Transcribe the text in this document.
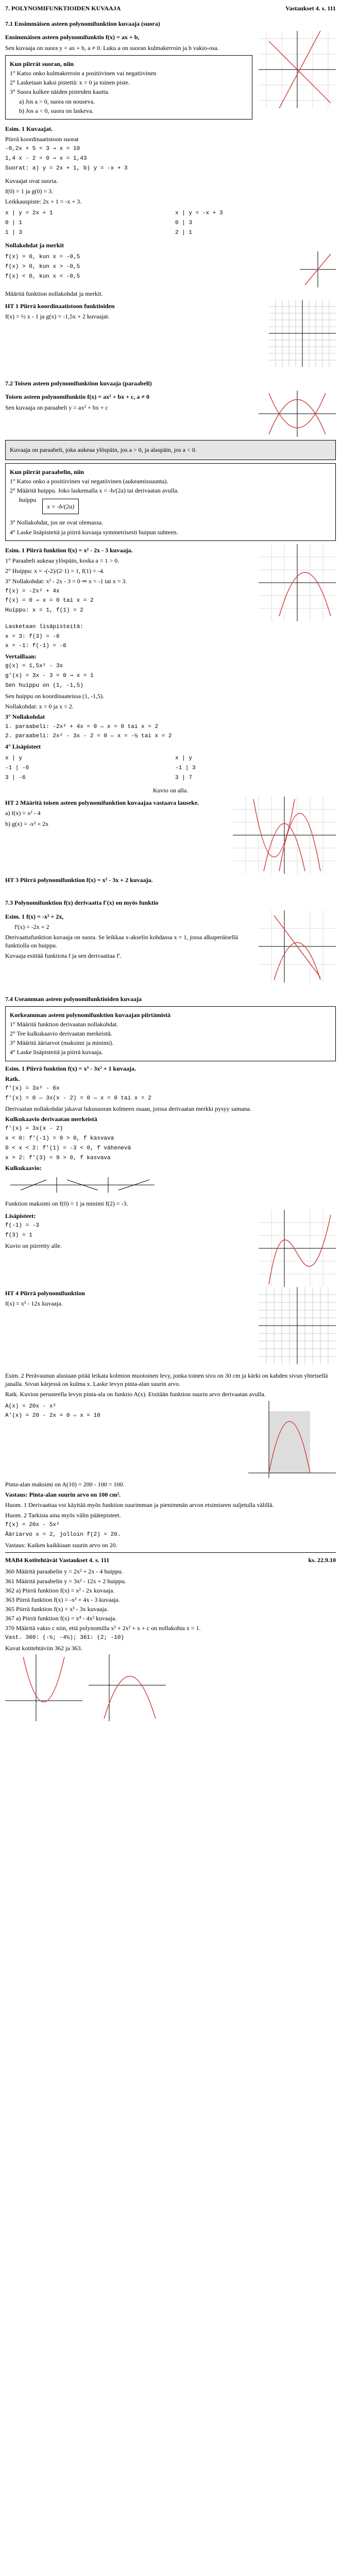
7. POLYNOMIFUNKTIOIDEN KUVAAJA	Vastaukset 4. s. 111
7.1 Ensimmäisen asteen polynomifunktion kuvaaja (suora)

Ensimmäisen asteen polynomifunktio f(x) = ax + b,

Sen kuvaaja on suora y = ax + b, a ≠ 0. Luku a on suoran kulmakerroin ja b vakio-osa.

Kun piirrät suoran, niin

1° Katso onko kulmakerroin a positiivinen vai negatiivinen

2° Lasketaan kaksi pistettä: x = 0 ja toinen piste.

3° Suora kulkee näiden pisteiden kautta.

a) Jos a > 0, suora on nouseva.

b) Jos a < 0, suora on laskeva.

Esim. 1 Kuvaajat.

Piirrä koordinaatistoon suorat

-0,2x + 5 = 3 ⇒ x = 10

1,4 x - 2 = 0 ⇒ x = 1,43

Suorat: a) y = 2x + 1, b) y = -x + 3

Kuvaajat ovat suoria.

f(0) = 1 ja g(0) = 3.

Leikkauspiste: 2x + 1 = -x + 3.

x | y = 2x + 1

0 | 1

1 | 3

x | y = -x + 3

0 | 3

2 | 1

Nollakohdat ja merkit

f(x) = 0, kun x = -0,5

f(x) > 0, kun x > -0,5

f(x) < 0, kun x < -0,5

Määritä funktion nollakohdat ja merkit.

HT 1 Piirrä koordinaatistoon funktioiden

f(x) = ½ x - 1 ja g(x) = -1,5x + 2 kuvaajat.

7.2 Toisen asteen polynomifunktion kuvaaja (paraabeli)

Toisen asteen polynomifunktio f(x) = ax² + bx + c, a ≠ 0

Sen kuvaaja on paraabeli y = ax² + bx + c

Kuvaaja on paraabeli, joka aukeaa ylöspäin, jos a > 0, ja alaspäin, jos a < 0.

Kun piirrät paraabelin, niin

1° Katso onko a positiivinen vai negatiivinen (aukeamissuunta).

2° Määritä huippu. Joko laskemalla x = -b/(2a) tai derivaatan avulla.

huippu
x = -b/(2a)

3° Nollakohdat, jos ne ovat olemassa.

4° Laske lisäpisteitä ja piirrä kuvaaja symmetrisesti huipun suhteen.

Esim. 1 Piirrä funktion f(x) = x² - 2x - 3 kuvaaja.

1° Paraabeli aukeaa ylöspäin, koska a = 1 > 0.

2° Huippu: x = -(-2)/(2·1) = 1, f(1) = -4.

3° Nollakohdat: x² - 2x - 3 = 0 ⇒ x = -1 tai x = 3.

f(x) = -2x² + 4x

f(x) = 0 ⇒ x = 0 tai x = 2

Huippu: x = 1, f(1) = 2

Lasketaan lisäpisteitä:

x = 3: f(3) = -6

x = -1: f(-1) = -6

Vertaillaan:

g(x) = 1,5x² - 3x

g'(x) = 3x - 3 = 0 ⇒ x = 1

Sen huippu on (1, -1,5)

Sen huippu on koordinaateissa (1, -1,5).

Nollakohdat: x = 0 ja x = 2.

3° Nollakohdat

1. paraabeli: -2x² + 4x = 0 ⇔ x = 0 tai x = 2

2. paraabeli: 2x² - 3x - 2 = 0 ⇔ x = -½ tai x = 2

4° Lisäpisteet

x | y

-1 | -6

3 | -6

x | y

-1 | 3

3 | 7

Kuvio on alla.

HT 2 Määritä toisen asteen polynomifunktion kuvaajaa vastaava lauseke.

a) f(x) = x² - 4

b) g(x) = -x² + 2x

HT 3 Piirrä polynomifunktion f(x) = x² - 3x + 2 kuvaaja.

7.3 Polynomifunktion f(x) derivaatta f'(x) on myös funktio

Esim. 1 f(x) = -x² + 2x,

f'(x) = -2x + 2

Derivaattafunktion kuvaaja on suora. Se leikkaa x-akselin kohdassa x = 1, jossa alkuperäisellä funktiolla on huippu.

Kuvaaja esittää funktiota f ja sen derivaattaa f'.

7.4 Useamman asteen polynomifunktioiden kuvaaja

Korkeamman asteen polynomifunktion kuvaajan piirtämistä

1° Määritä funktion derivaatan nollakohdat.

2° Tee kulkukaavio derivaatan merkeistä.

3° Määritä ääriarvot (maksimi ja minimi).

4° Laske lisäpisteitä ja piirrä kuvaaja.

Esim. 1 Piirrä funktion f(x) = x³ - 3x² + 1 kuvaaja.

Ratk.

f'(x) = 3x² - 6x

f'(x) = 0 ⇔ 3x(x - 2) = 0 ⇔ x = 0 tai x = 2

Derivaatan nollakohdat jakavat lukusuoran kolmeen osaan, joissa derivaatan merkki pysyy samana.

Kulkukaavio derivaatan merkeistä

f'(x) = 3x(x - 2)

x < 0: f'(-1) = 9 > 0, f kasvava

0 < x < 2: f'(1) = -3 < 0, f vähenevä

x > 2: f'(3) = 9 > 0, f kasvava

Kulkukaavio:

Funktion maksimi on f(0) = 1 ja minimi f(2) = -3.

Lisäpisteet:

f(-1) = -3

f(3) = 1

Kuvio on piirretty alle.

HT 4 Piirrä polynomifunktion

f(x) = x³ - 12x kuvaaja.

Esim. 2 Perävaunun alustaan pitää leikata kolmion muotoinen levy, jonka toinen sivu on 30 cm ja kärki on kahden sivun yhteisellä janalla. Sivun kärjessä on kulma x. Laske levyn pinta-alan suurin arvo.

Ratk. Kuvion perusteella levyn pinta-ala on funktio A(x). Etsitään funktion suurin arvo derivaatan avulla.

A(x) = 20x - x²

A'(x) = 20 - 2x = 0 ⇔ x = 10

Pinta-alan maksimi on A(10) = 200 - 100 = 100.

Vastaus: Pinta-alan suurin arvo on 100 cm².

Huom. 1 Derivaattaa voi käyttää myös funktion suurimman ja pienimmän arvon etsimiseen suljetulla välillä.

Huom. 2 Tarkista aina myös välin päätepisteet.

f(x) = 20x - 5x²

Ääriarvo x = 2, jolloin f(2) = 20.

Vastaus: Kaiken kaikkiaan suurin arvo on 20.

MAB4 Kotitehtävät Vastaukset 4. s. 111	ks. 22.9.10
360 Määritä paraabelin y = 2x² + 2x - 4 huippu.
361 Määritä paraabelin y = 3x² - 12x + 2 huippu.
362 a) Piirrä funktion f(x) = x² - 2x kuvaaja.
363 Piirrä funktion f(x) = -x² + 4x - 3 kuvaaja.
365 Piirrä funktion f(x) = x³ - 3x kuvaaja.
367 a) Piirrä funktion f(x) = x⁴ - 4x² kuvaaja.
370 Määritä vakio c niin, että polynomilla x³ + 2x² + x + c on nollakohta x = 1.

Vast. 360: (-½; -4½); 361: (2; -10)

Kuvat kotitehtäviin 362 ja 363.
